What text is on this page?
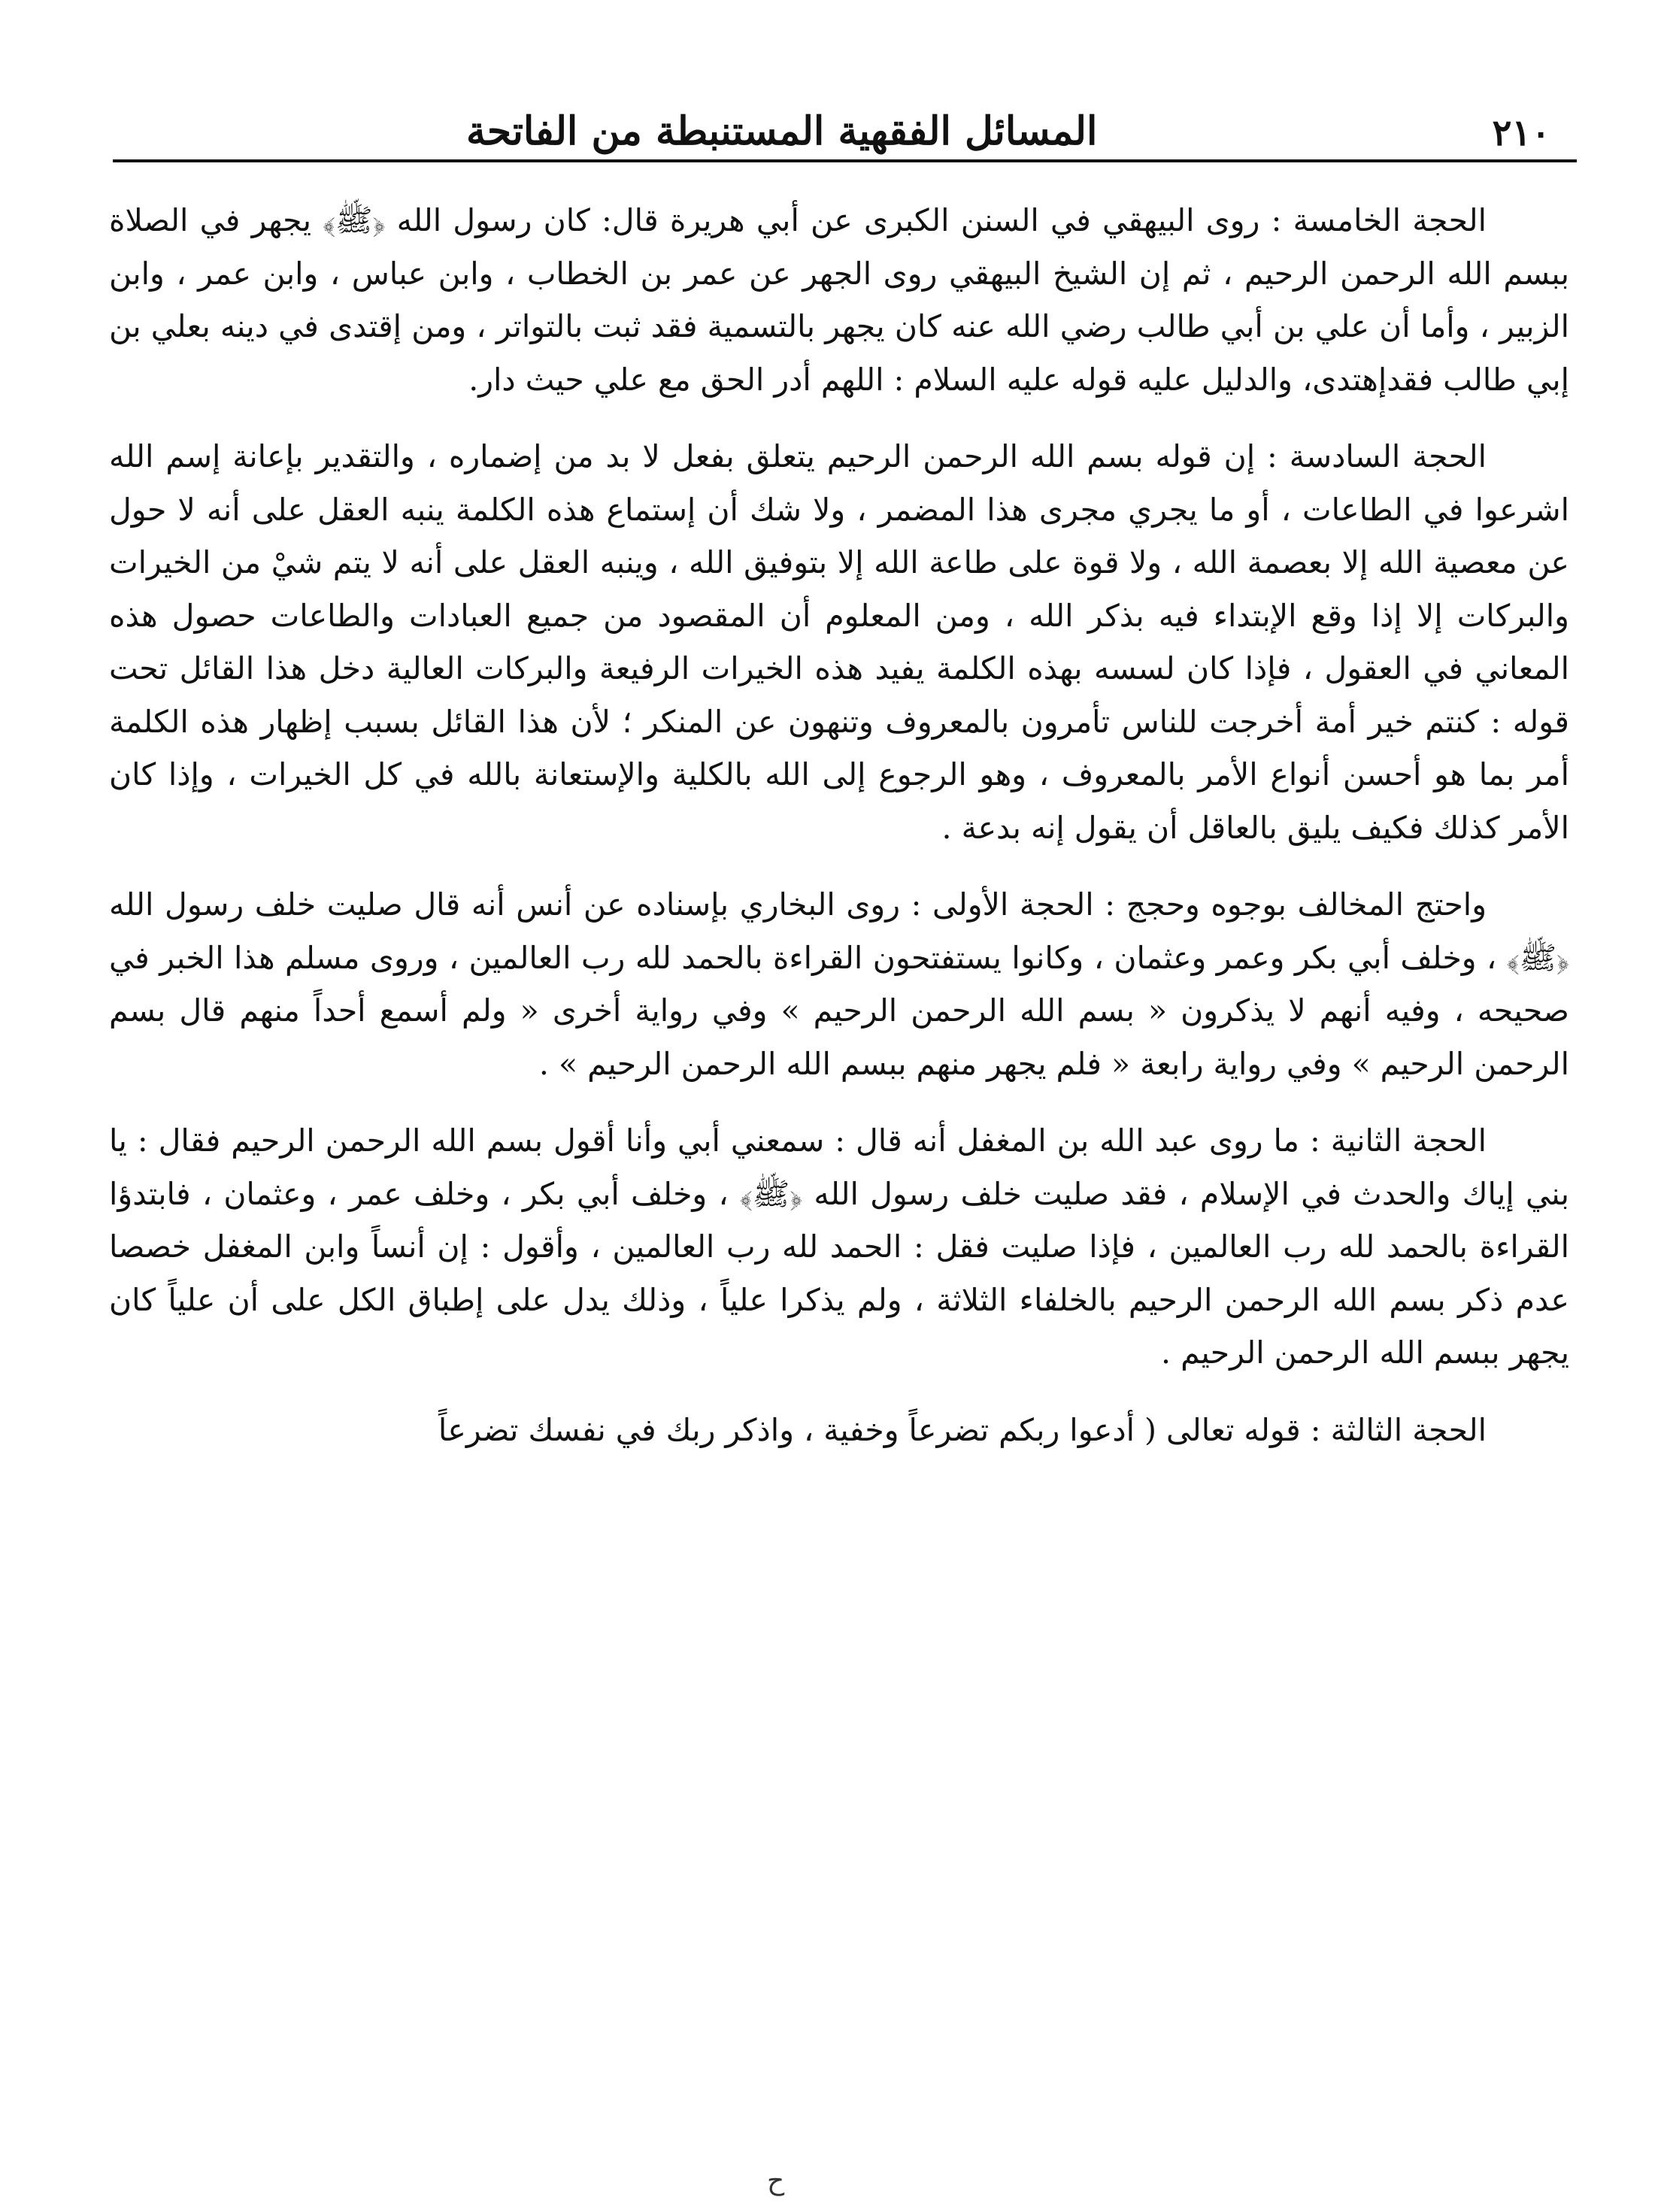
٢١٠
المسائل الفقهية المستنبطة من الفاتحة

الحجة الخامسة : روى البيهقي في السنن الكبرى عن أبي هريرة قال: كان رسول الله ﴿ﷺ﴾ يجهر في الصلاة ببسم الله الرحمن الرحيم ، ثم إن الشيخ البيهقي روى الجهر عن عمر بن الخطاب ، وابن عباس ، وابن عمر ، وابن الزبير ، وأما أن علي بن أبي طالب رضي الله عنه كان يجهر بالتسمية فقد ثبت بالتواتر ، ومن إقتدى في دينه بعلي بن إبي طالب فقدإهتدى، والدليل عليه قوله عليه السلام : اللهم أدر الحق مع علي حيث دار.

الحجة السادسة : إن قوله بسم الله الرحمن الرحيم يتعلق بفعل لا بد من إضماره ، والتقدير بإعانة إسم الله اشرعوا في الطاعات ، أو ما يجري مجرى هذا المضمر ، ولا شك أن إستماع هذه الكلمة ينبه العقل على أنه لا حول عن معصية الله إلا بعصمة الله ، ولا قوة على طاعة الله إلا بتوفيق الله ، وينبه العقل على أنه لا يتم شيْ من الخيرات والبركات إلا إذا وقع الإبتداء فيه بذكر الله ، ومن المعلوم أن المقصود من جميع العبادات والطاعات حصول هذه المعاني في العقول ، فإذا كان لسسه بهذه الكلمة يفيد هذه الخيرات الرفيعة والبركات العالية دخل هذا القائل تحت قوله : كنتم خير أمة أخرجت للناس تأمرون بالمعروف وتنهون عن المنكر ؛ لأن هذا القائل بسبب إظهار هذه الكلمة أمر بما هو أحسن أنواع الأمر بالمعروف ، وهو الرجوع إلى الله بالكلية والإستعانة بالله في كل الخيرات ، وإذا كان الأمر كذلك فكيف يليق بالعاقل أن يقول إنه بدعة .

واحتج المخالف بوجوه وحجج : الحجة الأولى : روى البخاري بإسناده عن أنس أنه قال صليت خلف رسول الله ﴿ﷺ﴾ ، وخلف أبي بكر وعمر وعثمان ، وكانوا يستفتحون القراءة بالحمد لله رب العالمين ، وروى مسلم هذا الخبر في صحيحه ، وفيه أنهم لا يذكرون « بسم الله الرحمن الرحيم » وفي رواية أخرى « ولم أسمع أحداً منهم قال بسم الرحمن الرحيم » وفي رواية رابعة « فلم يجهر منهم ببسم الله الرحمن الرحيم » .

الحجة الثانية : ما روى عبد الله بن المغفل أنه قال : سمعني أبي وأنا أقول بسم الله الرحمن الرحيم فقال : يا بني إياك والحدث في الإسلام ، فقد صليت خلف رسول الله ﴿ﷺ﴾ ، وخلف أبي بكر ، وخلف عمر ، وعثمان ، فابتدؤا القراءة بالحمد لله رب العالمين ، فإذا صليت فقل : الحمد لله رب العالمين ، وأقول : إن أنساً وابن المغفل خصصا عدم ذكر بسم الله الرحمن الرحيم بالخلفاء الثلاثة ، ولم يذكرا علياً ، وذلك يدل على إطباق الكل على أن علياً كان يجهر ببسم الله الرحمن الرحيم .

الحجة الثالثة : قوله تعالى ( أدعوا ربكم تضرعاً وخفية ، واذكر ربك في نفسك تضرعاً

ح
